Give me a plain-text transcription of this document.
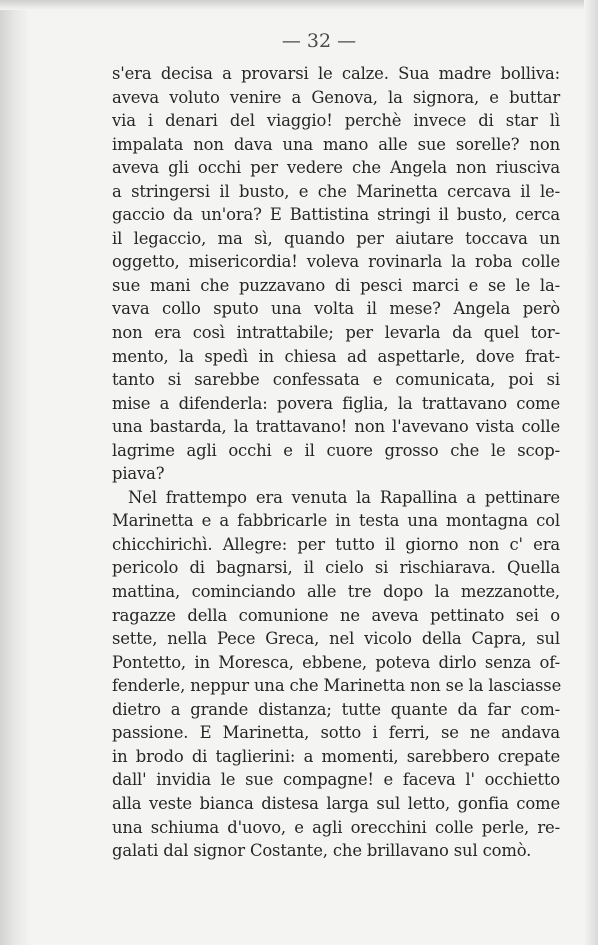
— 32 —
s'era decisa a provarsi le calze. Sua madre bolliva:
aveva voluto venire a Genova, la signora, e buttar
via i denari del viaggio! perchè invece di star lì
impalata non dava una mano alle sue sorelle? non
aveva gli occhi per vedere che Angela non riusciva
a stringersi il busto, e che Marinetta cercava il le-
gaccio da un'ora? E Battistina stringi il busto, cerca
il legaccio, ma sì, quando per aiutare toccava un
oggetto, misericordia! voleva rovinarla la roba colle
sue mani che puzzavano di pesci marci e se le la-
vava collo sputo una volta il mese? Angela però
non era così intrattabile; per levarla da quel tor-
mento, la spedì in chiesa ad aspettarle, dove frat-
tanto si sarebbe confessata e comunicata, poi si
mise a difenderla: povera figlia, la trattavano come
una bastarda, la trattavano! non l'avevano vista colle
lagrime agli occhi e il cuore grosso che le scop-
piava?
Nel frattempo era venuta la Rapallina a pettinare
Marinetta e a fabbricarle in testa una montagna col
chicchirichì. Allegre: per tutto il giorno non c' era
pericolo di bagnarsi, il cielo si rischiarava. Quella
mattina, cominciando alle tre dopo la mezzanotte,
ragazze della comunione ne aveva pettinato sei o
sette, nella Pece Greca, nel vicolo della Capra, sul
Pontetto, in Moresca, ebbene, poteva dirlo senza of-
fenderle, neppur una che Marinetta non se la lasciasse
dietro a grande distanza; tutte quante da far com-
passione. E Marinetta, sotto i ferri, se ne andava
in brodo di taglierini: a momenti, sarebbero crepate
dall' invidia le sue compagne! e faceva l' occhietto
alla veste bianca distesa larga sul letto, gonfia come
una schiuma d'uovo, e agli orecchini colle perle, re-
galati dal signor Costante, che brillavano sul comò.
